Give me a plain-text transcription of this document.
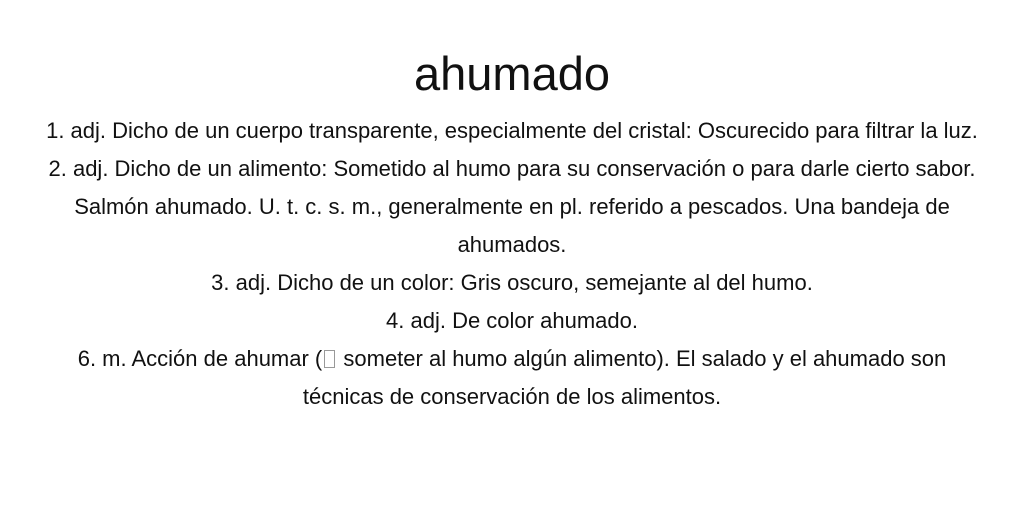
ahumado
1. adj. Dicho de un cuerpo transparente, especialmente del cristal: Oscurecido para filtrar la luz.
2. adj. Dicho de un alimento: Sometido al humo para su conservación o para darle cierto sabor. Salmón ahumado. U. t. c. s. m., generalmente en pl. referido a pescados. Una bandeja de ahumados.
3. adj. Dicho de un color: Gris oscuro, semejante al del humo.
4. adj. De color ahumado.
6. m. Acción de ahumar ( someter al humo algún alimento). El salado y el ahumado son técnicas de conservación de los alimentos.
